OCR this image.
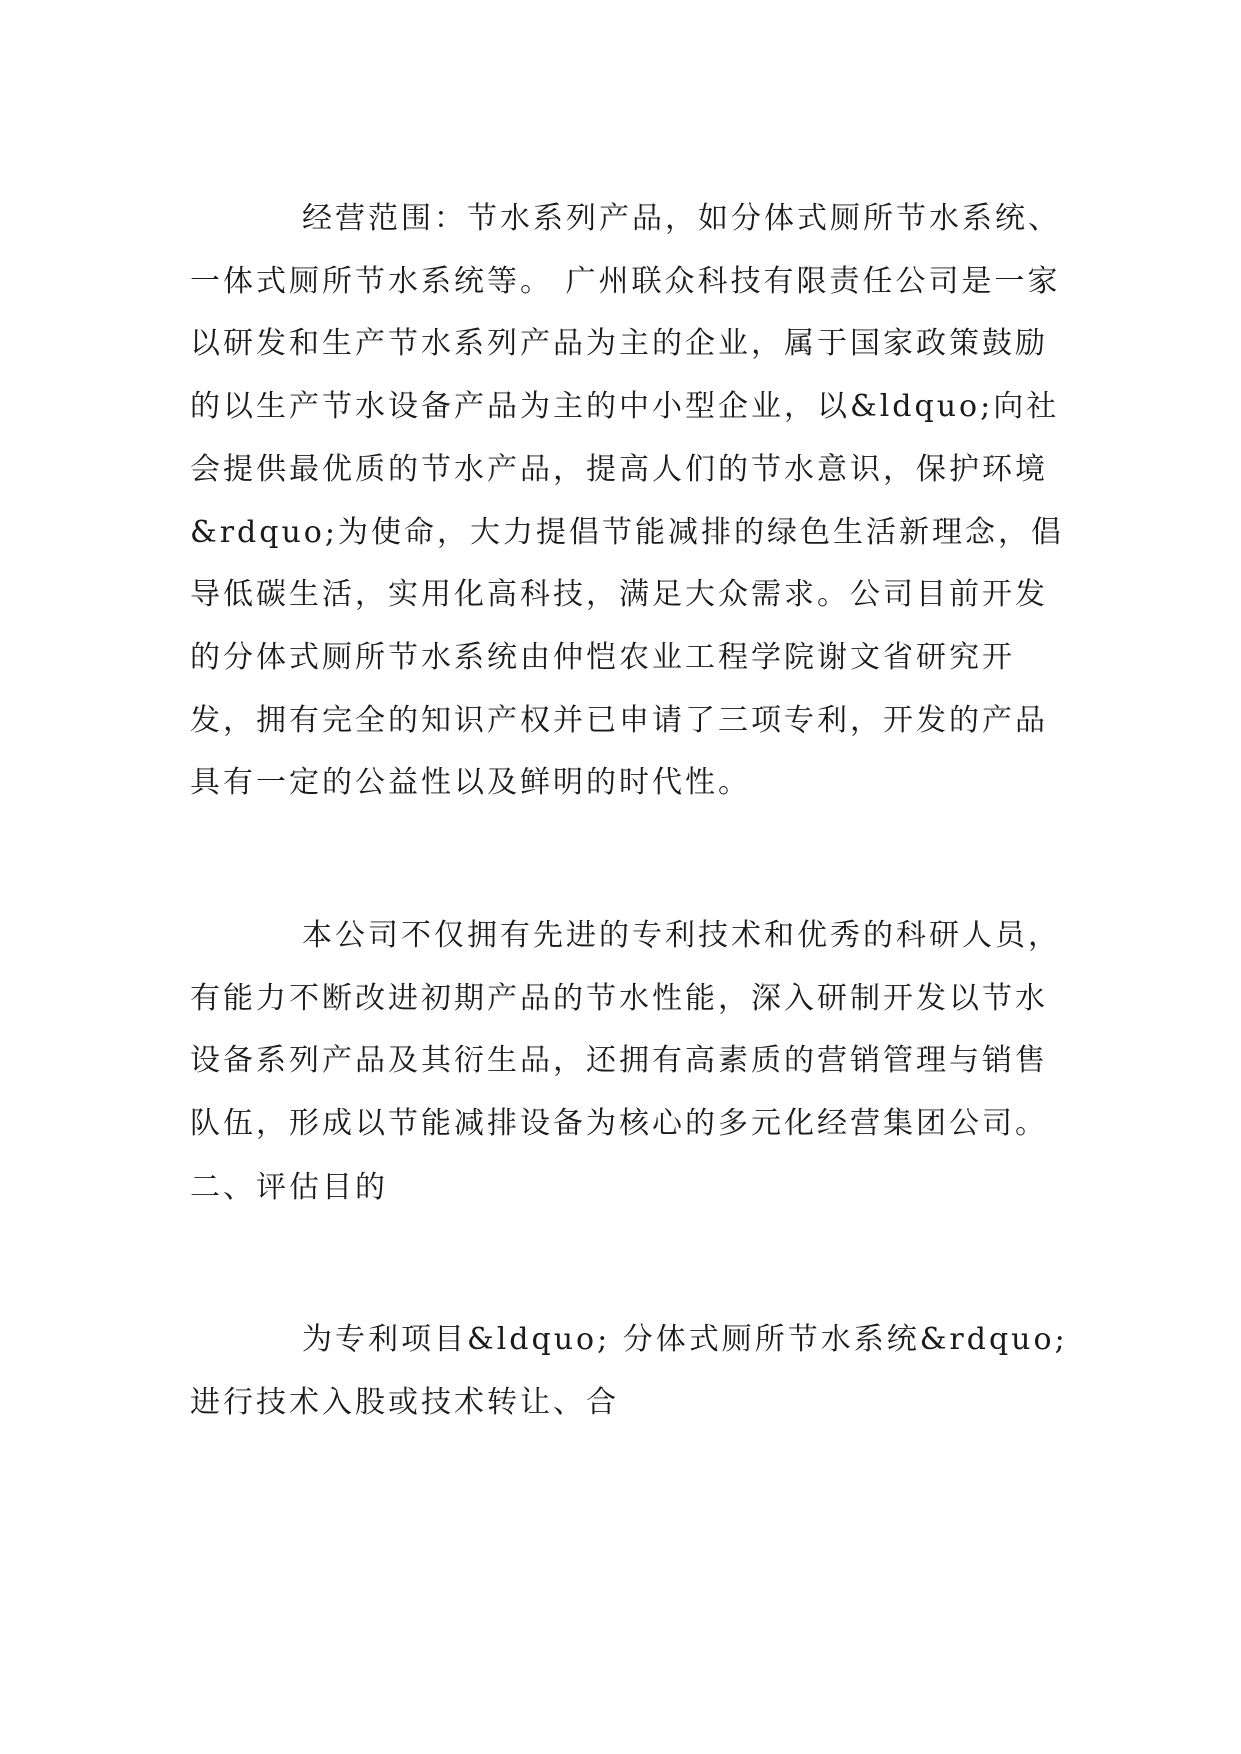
经营范围：节水系列产品，如分体式厕所节水系统、一体式厕所节水系统等。 广州联众科技有限责任公司是一家以研发和生产节水系列产品为主的企业，属于国家政策鼓励的以生产节水设备产品为主的中小型企业，以&ldquo;向社会提供最优质的节水产品，提高人们的节水意识，保护环境&rdquo;为使命，大力提倡节能减排的绿色生活新理念，倡导低碳生活，实用化高科技，满足大众需求。公司目前开发的分体式厕所节水系统由仲恺农业工程学院谢文省研究开发，拥有完全的知识产权并已申请了三项专利，开发的产品具有一定的公益性以及鲜明的时代性。
本公司不仅拥有先进的专利技术和优秀的科研人员，有能力不断改进初期产品的节水性能，深入研制开发以节水设备系列产品及其衍生品，还拥有高素质的营销管理与销售队伍，形成以节能减排设备为核心的多元化经营集团公司。
二、评估目的
为专利项目&ldquo; 分体式厕所节水系统&rdquo;进行技术入股或技术转让、合
